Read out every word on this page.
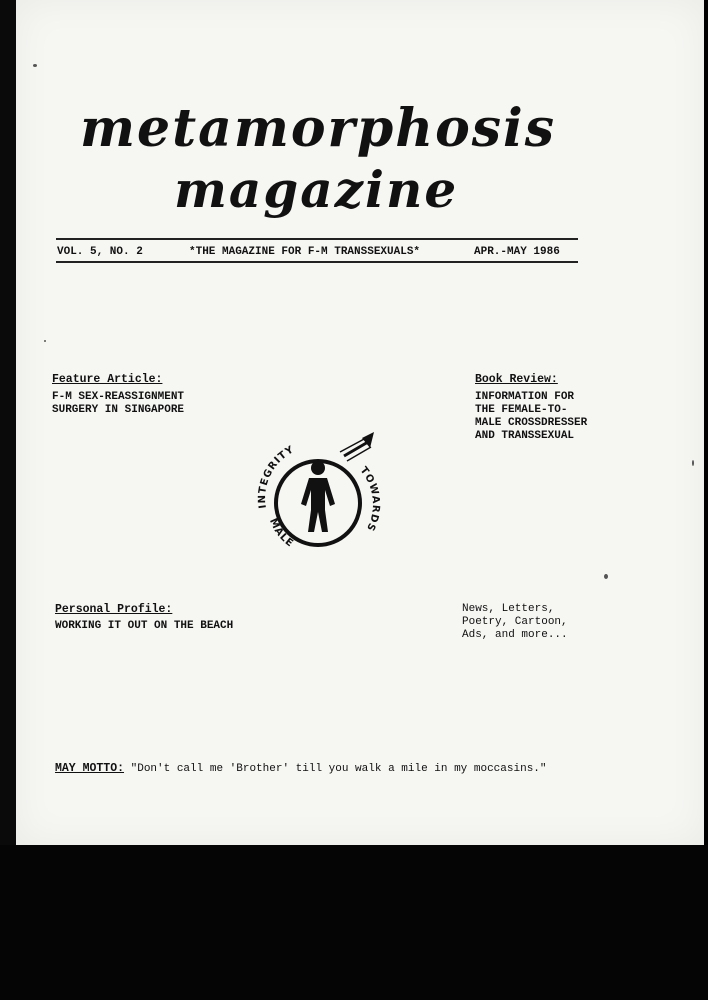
metamorphosis
magazine
VOL. 5, NO. 2	*THE MAGAZINE FOR F-M TRANSSEXUALS*	APR.-MAY 1986
Feature Article:
F-M SEX-REASSIGNMENT
SURGERY IN SINGAPORE
Book Review:
INFORMATION FOR
THE FEMALE-TO-
MALE CROSSDRESSER
AND TRANSSEXUAL
INTEGRITY
TOWARDS
MALE
Personal Profile:
WORKING IT OUT ON THE BEACH
News, Letters,
Poetry, Cartoon,
Ads, and more...
MAY MOTTO: "Don't call me 'Brother' till you walk a mile in my moccasins."
